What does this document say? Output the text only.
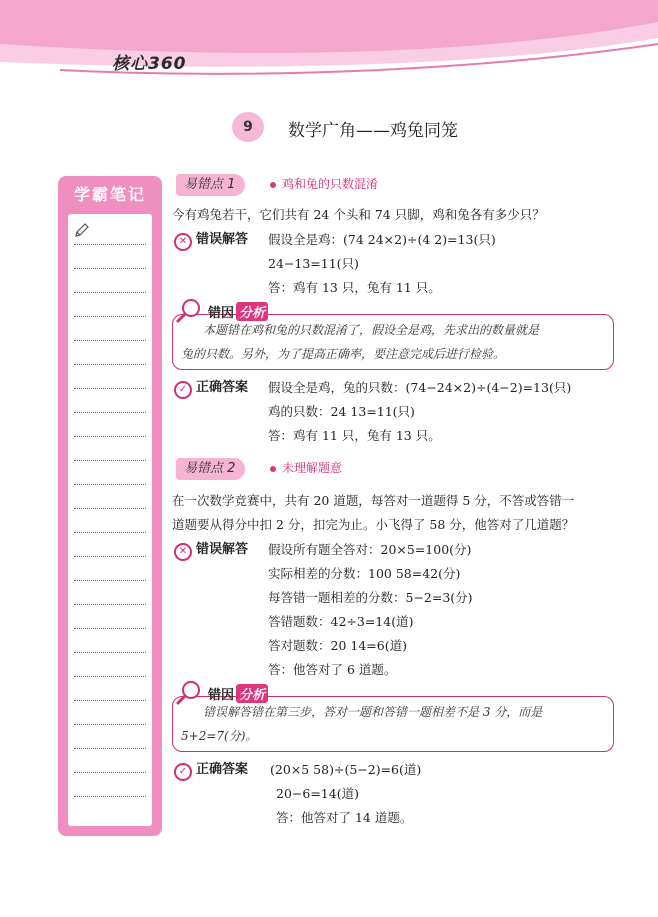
核心360
9	数学广角——鸡兔同笼
学霸笔记
易错点 1	鸡和兔的只数混淆
今有鸡兔若干，它们共有 24 个头和 74 只脚，鸡和兔各有多少只？
✕ 错误解答 假设全是鸡：(74 24×2)÷(4 2)=13(只)
24−13=11(只)
答：鸡有 13 只，兔有 11 只。
本题错在鸡和兔的只数混淆了，假设全是鸡，先求出的数量就是
兔的只数。另外，为了提高正确率，要注意完成后进行检验。
错因 分析
✓ 正确答案 假设全是鸡，兔的只数：(74−24×2)÷(4−2)=13(只)
鸡的只数：24 13=11(只)
答：鸡有 11 只，兔有 13 只。
易错点 2	未理解题意
在一次数学竞赛中，共有 20 道题，每答对一道题得 5 分，不答或答错一
道题要从得分中扣 2 分，扣完为止。小飞得了 58 分，他答对了几道题？
✕ 错误解答 假设所有题全答对：20×5=100(分)
实际相差的分数：100 58=42(分)
每答错一题相差的分数：5−2=3(分)
答错题数：42÷3=14(道)
答对题数：20 14=6(道)
答：他答对了 6 道题。
错误解答错在第三步，答对一题和答错一题相差不是 3 分，而是
5+2=7(分)。
错因 分析
✓ 正确答案 (20×5 58)÷(5−2)=6(道)
20−6=14(道)
答：他答对了 14 道题。
